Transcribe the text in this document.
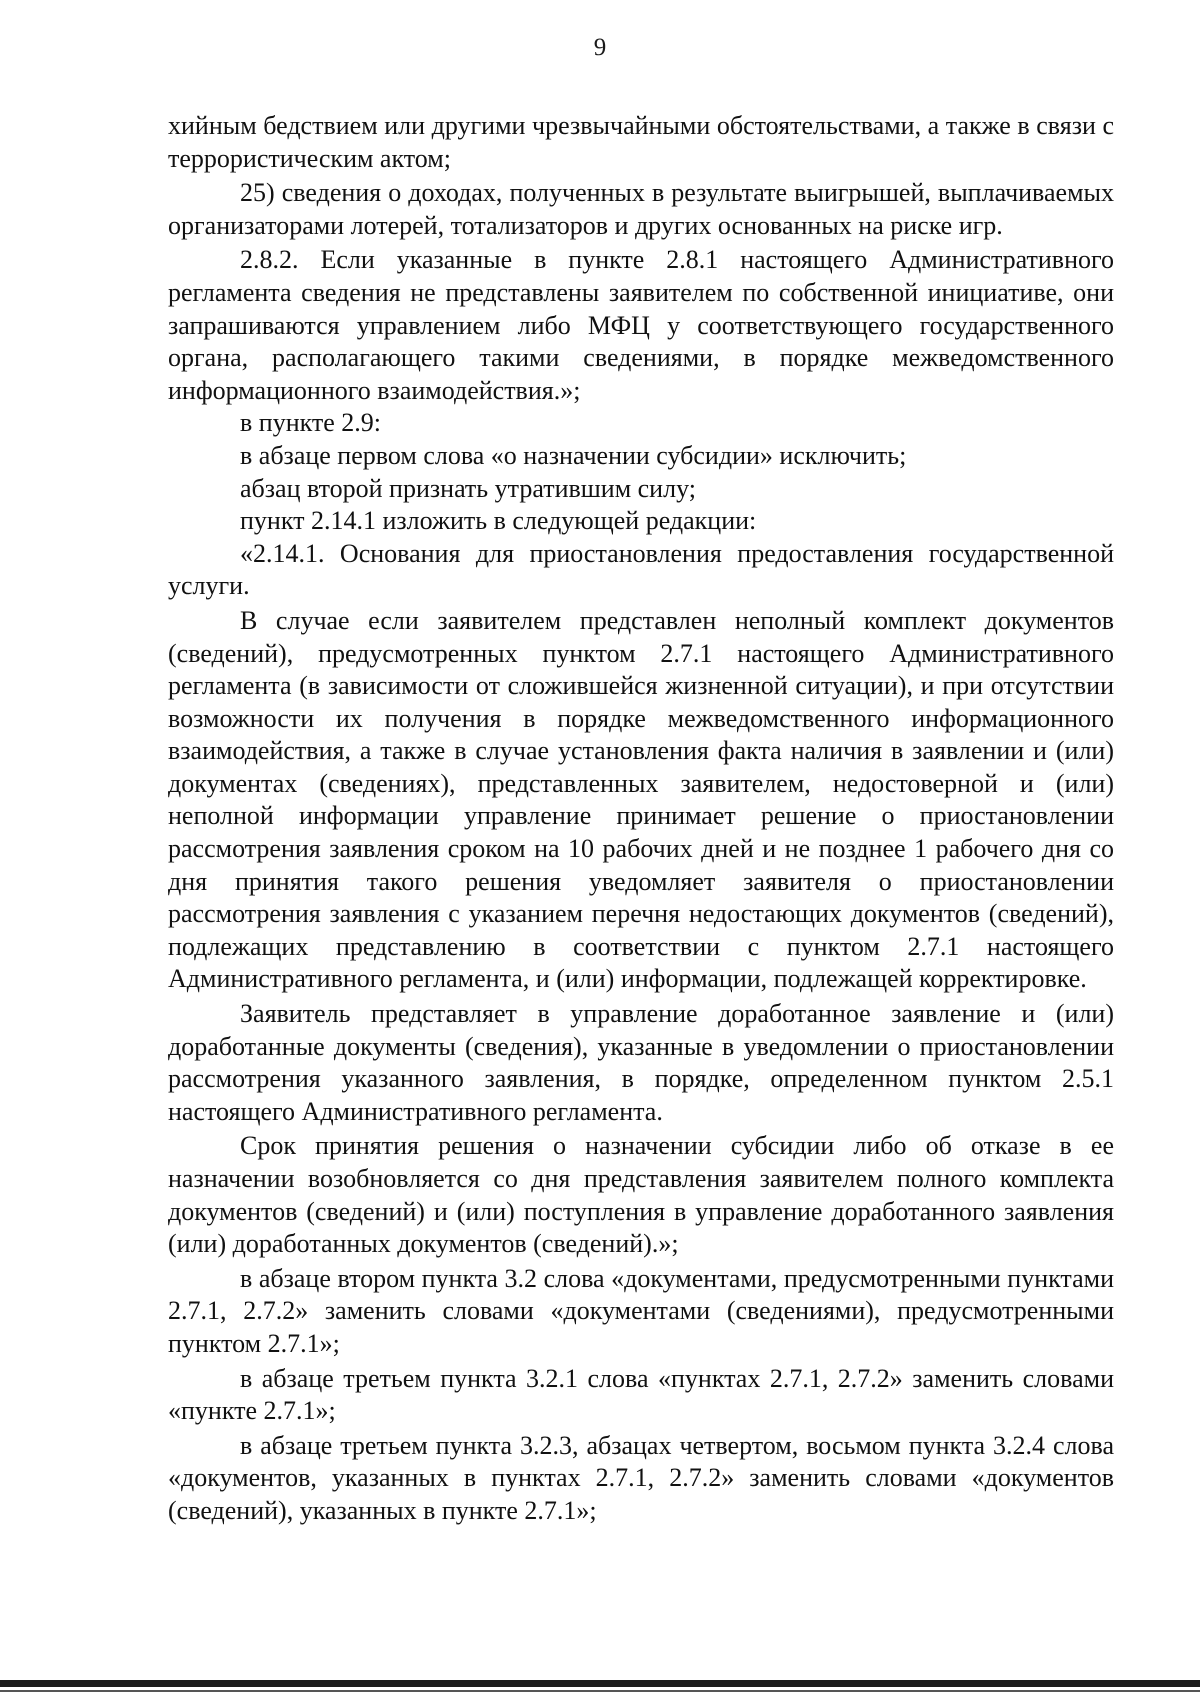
9

хийным бедствием или другими чрезвычайными обстоятельствами, а также в связи с террористическим актом;

25) сведения о доходах, полученных в результате выигрышей, выплачиваемых организаторами лотерей, тотализаторов и других основанных на риске игр.

2.8.2. Если указанные в пункте 2.8.1 настоящего Административного регламента сведения не представлены заявителем по собственной инициативе, они запрашиваются управлением либо МФЦ у соответствующего государственного органа, располагающего такими сведениями, в порядке межведомственного информационного взаимодействия.»;

в пункте 2.9:

в абзаце первом слова «о назначении субсидии» исключить;

абзац второй признать утратившим силу;

пункт 2.14.1 изложить в следующей редакции:

«2.14.1. Основания для приостановления предоставления государственной услуги.

В случае если заявителем представлен неполный комплект документов (сведений), предусмотренных пунктом 2.7.1 настоящего Административного регламента (в зависимости от сложившейся жизненной ситуации), и при отсутствии возможности их получения в порядке межведомственного информационного взаимодействия, а также в случае установления факта наличия в заявлении и (или) документах (сведениях), представленных заявителем, недостоверной и (или) неполной информации управление принимает решение о приостановлении рассмотрения заявления сроком на 10 рабочих дней и не позднее 1 рабочего дня со дня принятия такого решения уведомляет заявителя о приостановлении рассмотрения заявления с указанием перечня недостающих документов (сведений), подлежащих представлению в соответствии с пунктом 2.7.1 настоящего Административного регламента, и (или) информации, подлежащей корректировке.

Заявитель представляет в управление доработанное заявление и (или) доработанные документы (сведения), указанные в уведомлении о приостановлении рассмотрения указанного заявления, в порядке, определенном пунктом 2.5.1 настоящего Административного регламента.

Срок принятия решения о назначении субсидии либо об отказе в ее назначении возобновляется со дня представления заявителем полного комплекта документов (сведений) и (или) поступления в управление доработанного заявления (или) доработанных документов (сведений).»;

в абзаце втором пункта 3.2 слова «документами, предусмотренными пунктами 2.7.1, 2.7.2» заменить словами «документами (сведениями), предусмотренными пунктом 2.7.1»;

в абзаце третьем пункта 3.2.1 слова «пунктах 2.7.1, 2.7.2» заменить словами «пункте 2.7.1»;

в абзаце третьем пункта 3.2.3, абзацах четвертом, восьмом пункта 3.2.4 слова «документов, указанных в пунктах 2.7.1, 2.7.2» заменить словами «документов (сведений), указанных в пункте 2.7.1»;
